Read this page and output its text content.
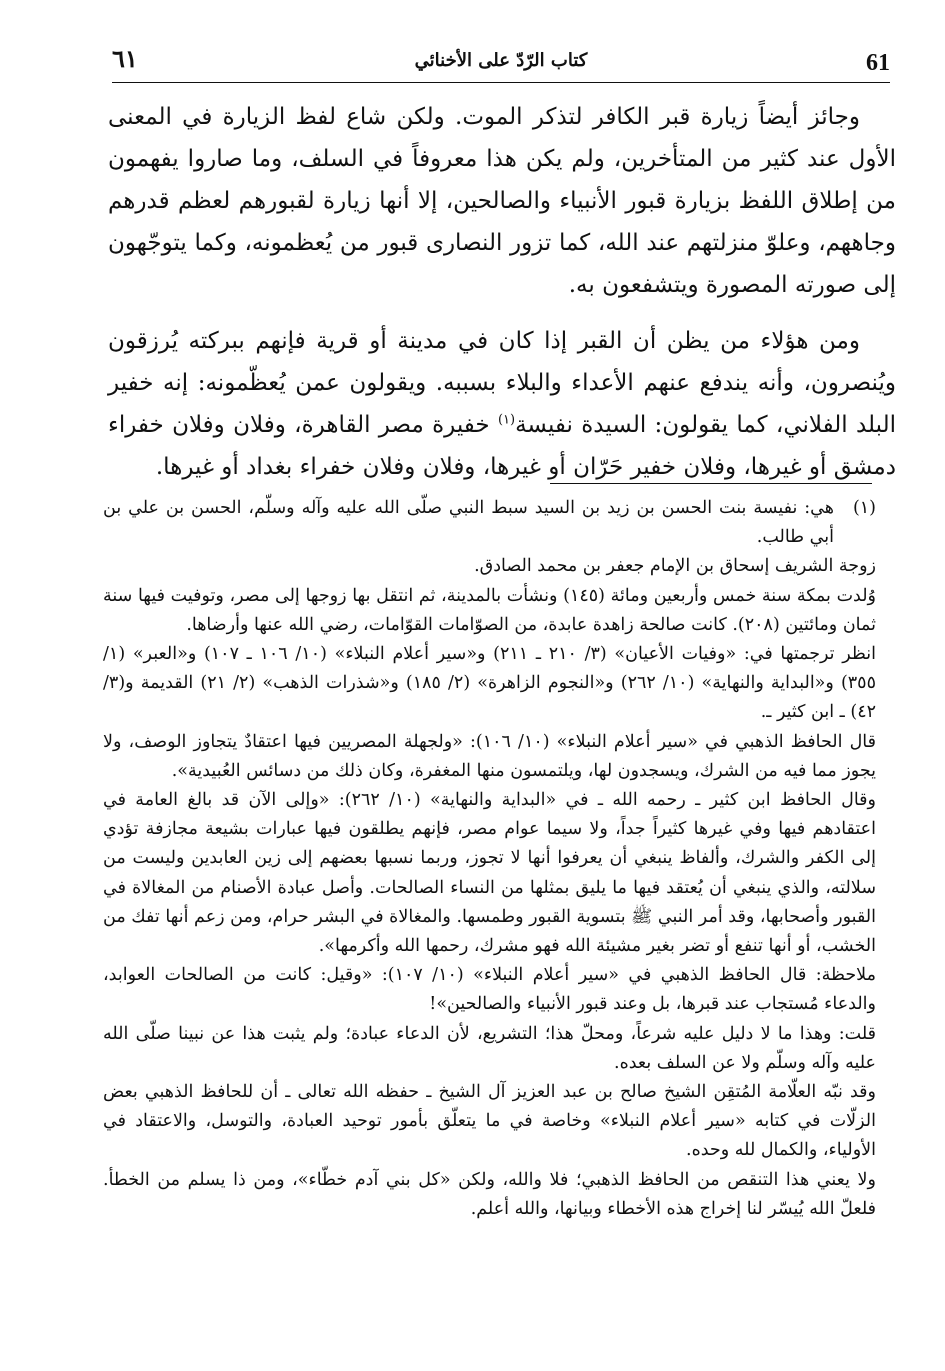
61
كتاب الرّدّ على الأخنائي
٦١

وجائز أيضاً زيارة قبر الكافر لتذكر الموت. ولكن شاع لفظ الزيارة في المعنى الأول عند كثير من المتأخرين، ولم يكن هذا معروفاً في السلف، وما صاروا يفهمون من إطلاق اللفظ بزيارة قبور الأنبياء والصالحين، إلا أنها زيارة لقبورهم لعظم قدرهم وجاههم، وعلوّ منزلتهم عند الله، كما تزور النصارى قبور من يُعظمونه، وكما يتوجّهون إلى صورته المصورة ويتشفعون به.

ومن هؤلاء من يظن أن القبر إذا كان في مدينة أو قرية فإنهم ببركته يُرزقون ويُنصرون، وأنه يندفع عنهم الأعداء والبلاء بسببه. ويقولون عمن يُعظّمونه: إنه خفير البلد الفلاني، كما يقولون: السيدة نفيسة$^{(١)}$ خفيرة مصر القاهرة، وفلان وفلان خفراء دمشق أو غيرها، وفلان خفير حَرّان أو غيرها، وفلان وفلان خفراء بغداد أو غيرها.

(١)هي: نفيسة بنت الحسن بن زيد بن السيد سبط النبي صلّى الله عليه وآله وسلّم، الحسن بن علي بن أبي طالب.

زوجة الشريف إسحاق بن الإمام جعفر بن محمد الصادق.

وُلدت بمكة سنة خمس وأربعين ومائة (١٤٥) ونشأت بالمدينة، ثم انتقل بها زوجها إلى مصر، وتوفيت فيها سنة ثمان ومائتين (٢٠٨). كانت صالحة زاهدة عابدة، من الصوّامات القوّامات، رضي الله عنها وأرضاها.

انظر ترجمتها في: «وفيات الأعيان» (٣/ ٢١٠ ـ ٢١١) و«سير أعلام النبلاء» (١٠/ ١٠٦ ـ ١٠٧) و«العبر» (١/ ٣٥٥) و«البداية والنهاية» (١٠/ ٢٦٢) و«النجوم الزاهرة» (٢/ ١٨٥) و«شذرات الذهب» (٢/ ٢١) القديمة و(٣/ ٤٢) ـ ابن كثير ـ.

قال الحافظ الذهبي في «سير أعلام النبلاء» (١٠/ ١٠٦): «ولجهلة المصريين فيها اعتقادٌ يتجاوز الوصف، ولا يجوز مما فيه من الشرك، ويسجدون لها، ويلتمسون منها المغفرة، وكان ذلك من دسائس العُبيدية».

وقال الحافظ ابن كثير ـ رحمه الله ـ في «البداية والنهاية» (١٠/ ٢٦٢): «وإلى الآن قد بالغ العامة في اعتقادهم فيها وفي غيرها كثيراً جداً، ولا سيما عوام مصر، فإنهم يطلقون فيها عبارات بشيعة مجازفة تؤدي إلى الكفر والشرك، وألفاظ ينبغي أن يعرفوا أنها لا تجوز، وربما نسبها بعضهم إلى زين العابدين وليست من سلالته، والذي ينبغي أن يُعتقد فيها ما يليق بمثلها من النساء الصالحات. وأصل عبادة الأصنام من المغالاة في القبور وأصحابها، وقد أمر النبي ﷺ بتسوية القبور وطمسها. والمغالاة في البشر حرام، ومن زعم أنها تفك من الخشب، أو أنها تنفع أو تضر بغير مشيئة الله فهو مشرك، رحمها الله وأكرمها».

ملاحظة: قال الحافظ الذهبي في «سير أعلام النبلاء» (١٠/ ١٠٧): «وقيل: كانت من الصالحات العوابد، والدعاء مُستجاب عند قبرها، بل وعند قبور الأنبياء والصالحين»!

قلت: وهذا ما لا دليل عليه شرعاً، ومحلّ هذا؛ التشريع، لأن الدعاء عبادة؛ ولم يثبت هذا عن نبينا صلّى الله عليه وآله وسلّم ولا عن السلف بعده.

وقد نبّه العلّامة المُتقِن الشيخ صالح بن عبد العزيز آل الشيخ ـ حفظه الله تعالى ـ أن للحافظ الذهبي بعض الزلّات في كتابه «سير أعلام النبلاء» وخاصة في ما يتعلّق بأمور توحيد العبادة، والتوسل، والاعتقاد في الأولياء، والكمال لله وحده.

ولا يعني هذا التنقص من الحافظ الذهبي؛ فلا والله، ولكن «كل بني آدم خطّاء»، ومن ذا يسلم من الخطأ. فلعلّ الله يُيسّر لنا إخراج هذه الأخطاء وبيانها، والله أعلم.
